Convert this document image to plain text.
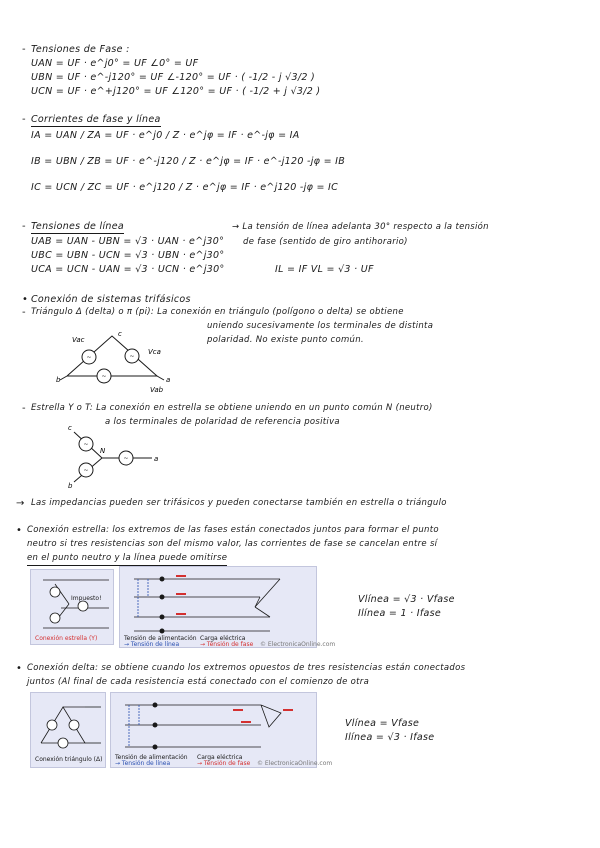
- Tensiones de Fase :
UAN = UF · e^j0° = UF ∠0° = UF
UBN = UF · e^-j120° = UF ∠-120° = UF · ( -1/2 - j √3/2 )
UCN = UF · e^+j120° = UF ∠120° = UF · ( -1/2 + j √3/2 )
- Corrientes de fase y línea
IA = UAN / ZA = UF · e^j0 / Z · e^jφ = IF · e^-jφ = IA
IB = UBN / ZB = UF · e^-j120 / Z · e^jφ = IF · e^-j120 -jφ = IB
IC = UCN / ZC = UF · e^j120 / Z · e^jφ = IF · e^j120 -jφ = IC
- Tensiones de línea
UAB = UAN - UBN = √3 · UAN · e^j30°
UBC = UBN - UCN = √3 · UBN · e^j30°
UCA = UCN - UAN = √3 · UCN · e^j30°
→ La tensión de línea adelanta 30° respecto a la tensión
de fase (sentido de giro antihorario)
IL = IF VL = √3 · UF
• Conexión de sistemas trifásicos
- Triángulo Δ (delta) o π (pi): La conexión en triángulo (polígono o delta) se obtiene
uniendo sucesivamente los terminales de distinta
polaridad. No existe punto común.
~
~	~
Vac
Vca
Vab
b
c
a
- Estrella Y o T: La conexión en estrella se obtiene uniendo en un punto común N (neutro)
a los terminales de polaridad de referencia positiva
~
~
~
c
b
a
N
→ Las impedancias pueden ser trifásicos y pueden conectarse también en estrella o triángulo
• Conexión estrella: los extremos de las fases están conectados juntos para formar el punto
neutro si tres resistencias son del mismo valor, las corrientes de fase se cancelan entre sí
en el punto neutro y la línea puede omitirse
Impuesto!
Conexión estrella (Y)	Tensión de alimentación
→ Tensión de línea
Carga eléctrica
→ Tensión de fase © ElectronicaOnline.com
Vlínea = √3 · Vfase
Ilínea = 1 · Ifase
• Conexión delta: se obtiene cuando los extremos opuestos de tres resistencias están conectados
juntos (Al final de cada resistencia está conectado con el comienzo de otra
Conexión triángulo (Δ) Tensión de alimentación
→ Tensión de línea
Carga eléctrica
→ Tensión de fase © ElectronicaOnline.com
Vlínea = Vfase
Ilínea = √3 · Ifase
